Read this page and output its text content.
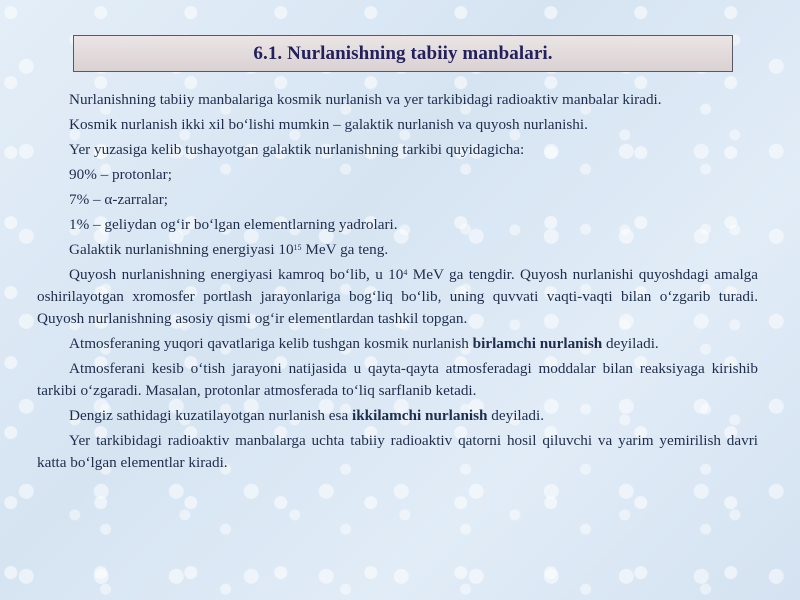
6.1. Nurlanishning tabiiy manbalari.

Nurlanishning tabiiy manbalariga kosmik nurlanish va yer tarkibidagi radioaktiv manbalar kiradi.

Kosmik nurlanish ikki xil bo‘lishi mumkin – galaktik nurlanish va quyosh nurlanishi.

Yer yuzasiga kelib tushayotgan galaktik nurlanishning tarkibi quyidagicha:

90% – protonlar;

7% – α-zarralar;

1% – geliydan og‘ir bo‘lgan elementlarning yadrolari.

Galaktik nurlanishning energiyasi $10^{15}$ MeV ga teng.

Quyosh nurlanishning energiyasi kamroq bo‘lib, u $10^4$ MeV ga tengdir. Quyosh nurlanishi quyoshdagi amalga oshirilayotgan xromosfer portlash jarayonlariga bog‘liq bo‘lib, uning quvvati vaqti-vaqti bilan o‘zgarib turadi. Quyosh nurlanishning asosiy qismi og‘ir elementlardan tashkil topgan.

Atmosferaning yuqori qavatlariga kelib tushgan kosmik nurlanish birlamchi nurlanish deyiladi.

Atmosferani kesib o‘tish jarayoni natijasida u qayta-qayta atmosferadagi moddalar bilan reaksiyaga kirishib tarkibi o‘zgaradi. Masalan, protonlar atmosferada to‘liq sarflanib ketadi.

Dengiz sathidagi kuzatilayotgan nurlanish esa ikkilamchi nurlanish deyiladi.

Yer tarkibidagi radioaktiv manbalarga uchta tabiiy radioaktiv qatorni hosil qiluvchi va yarim yemirilish davri katta bo‘lgan elementlar kiradi.
